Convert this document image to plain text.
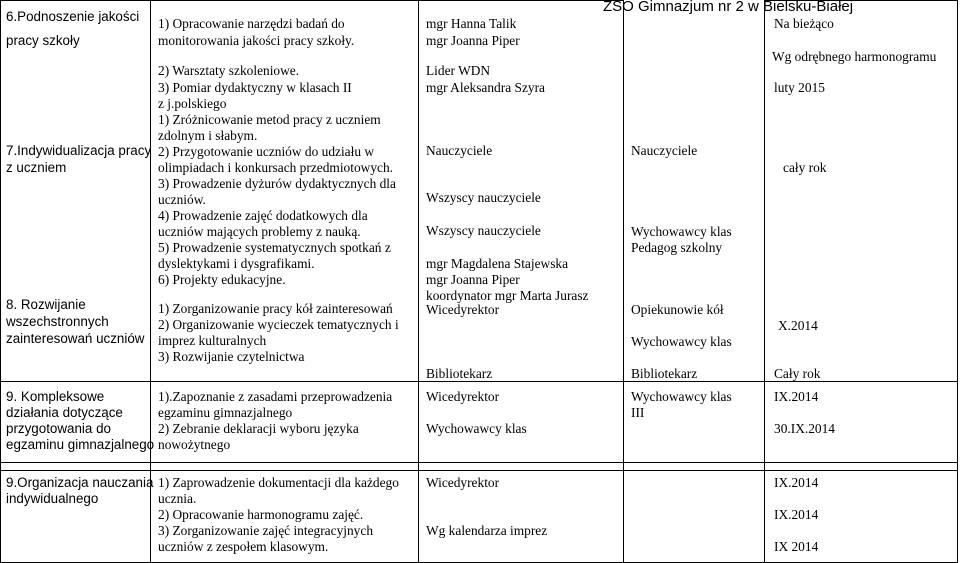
ZSO Gimnazjum nr 2 w Bielsku-Białej
6.Podnoszenie jakości
pracy szkoły
1) Opracowanie narzędzi badań do
monitorowania jakości pracy szkoły.
2) Warsztaty szkoleniowe.
3) Pomiar dydaktyczny w klasach II
z j.polskiego
mgr Hanna Talik
mgr Joanna Piper
Lider WDN
mgr Aleksandra Szyra
Na bieżąco
Wg odrębnego harmonogramu
luty 2015
7.Indywidualizacja pracy
z uczniem
1) Zróżnicowanie metod pracy z uczniem
zdolnym i słabym.
2) Przygotowanie uczniów do udziału w
olimpiadach i konkursach przedmiotowych.
3) Prowadzenie dyżurów dydaktycznych dla
uczniów.
4) Prowadzenie zajęć dodatkowych dla
uczniów mających problemy z nauką.
5) Prowadzenie systematycznych spotkań z
dyslektykami i dysgrafikami.
6) Projekty edukacyjne.
Nauczyciele
Wszyscy nauczyciele
Wszyscy nauczyciele
mgr Magdalena Stajewska
mgr Joanna Piper
koordynator mgr Marta Jurasz
Nauczyciele
Wychowawcy klas
Pedagog szkolny
cały rok
8. Rozwijanie
wszechstronnych
zainteresowań uczniów
1) Zorganizowanie pracy kół zainteresowań
2) Organizowanie wycieczek tematycznych i
imprez kulturalnych
3) Rozwijanie czytelnictwa
Wicedyrektor
Bibliotekarz
Opiekunowie kół
Wychowawcy klas
Bibliotekarz
X.2014
Cały rok
9. Kompleksowe
działania dotyczące
przygotowania do
egzaminu gimnazjalnego
1).Zapoznanie z zasadami przeprowadzenia
egzaminu gimnazjalnego
2) Zebranie deklaracji wyboru języka
nowożytnego
Wicedyrektor
Wychowawcy klas
Wychowawcy klas
III
IX.2014
30.IX.2014
9.Organizacja nauczania
indywidualnego
1) Zaprowadzenie dokumentacji dla każdego
ucznia.
2) Opracowanie harmonogramu zajęć.
3) Zorganizowanie zajęć integracyjnych
uczniów z zespołem klasowym.
Wicedyrektor
Wg kalendarza imprez
IX.2014
IX.2014
IX 2014
